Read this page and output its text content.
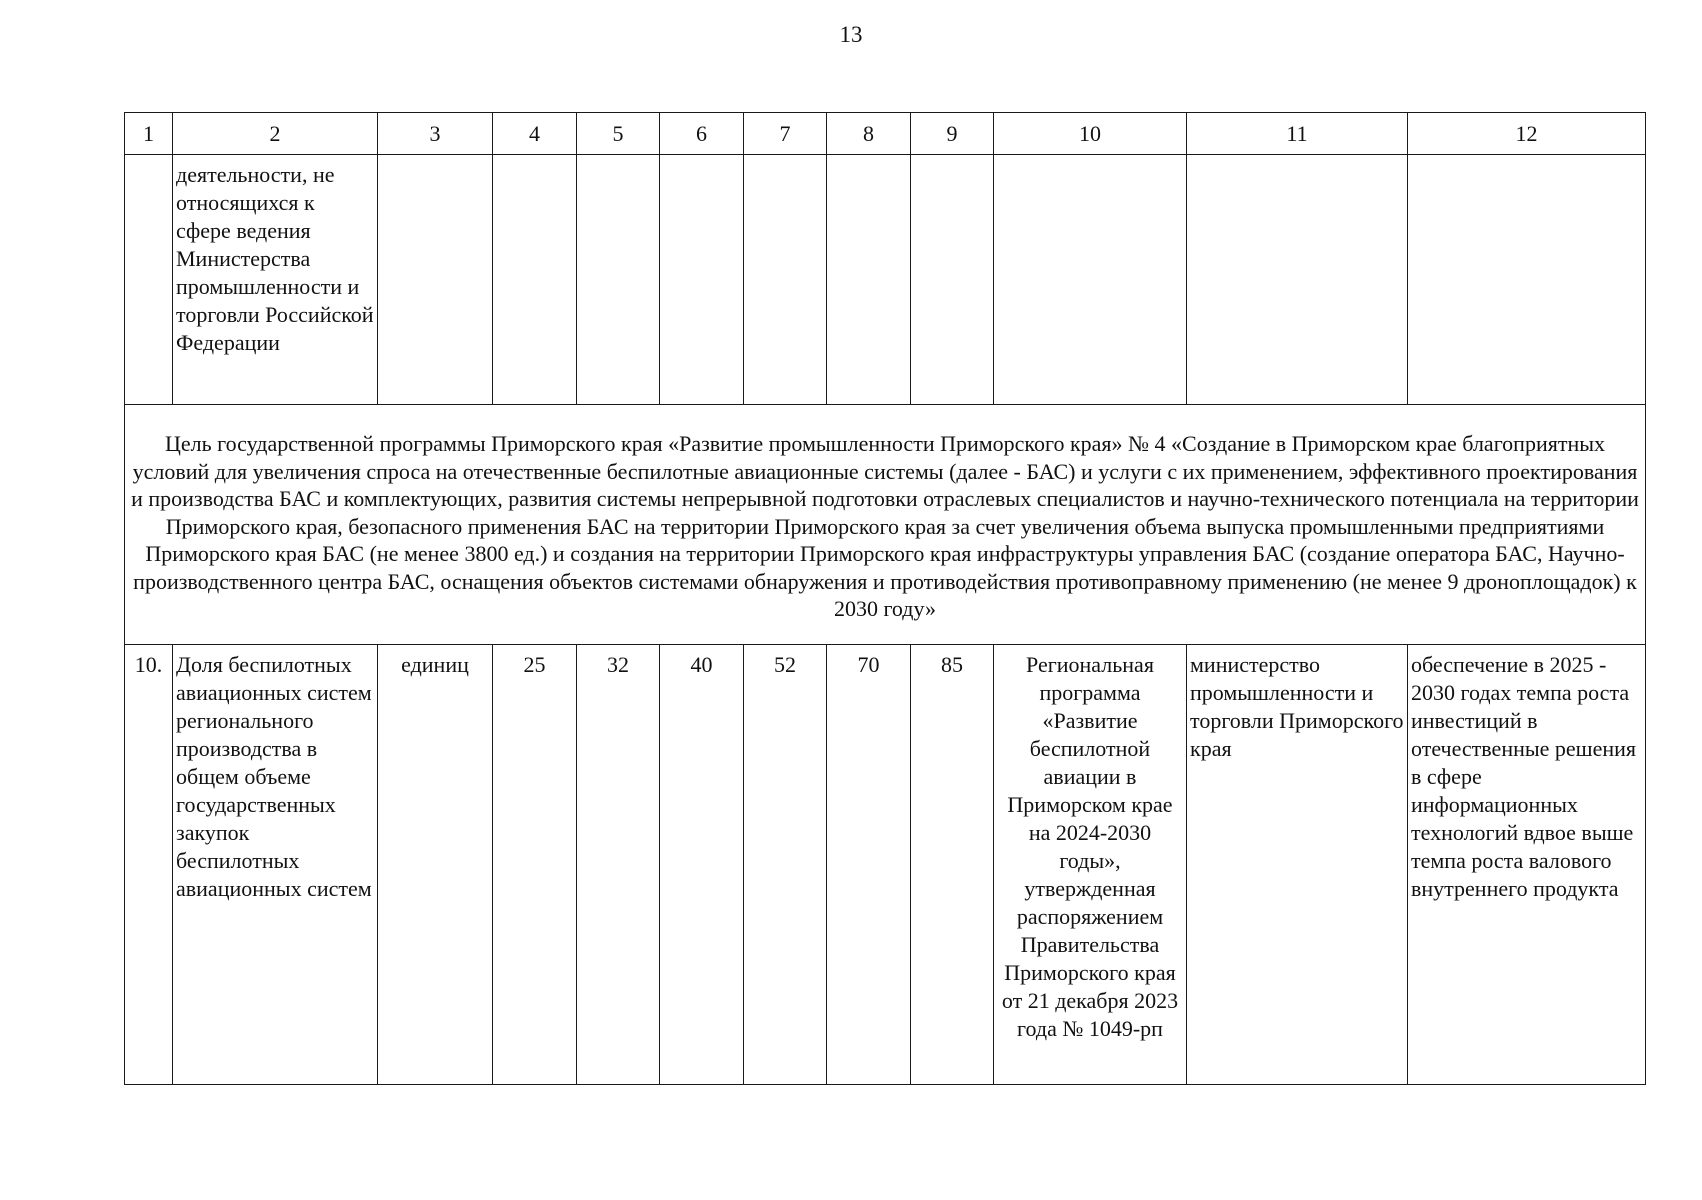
13
1	2	3	4	5	6	7	8	9	10	11	12
	деятельности, не относящихся к сфере ведения Министерства промышленности и торговли Российской Федерации										
Цель государственной программы Приморского края «Развитие промышленности Приморского края» № 4 «Создание в Приморском крае благоприятных условий для увеличения спроса на отечественные беспилотные авиационные системы (далее - БАС) и услуги с их применением, эффективного проектирования и производства БАС и комплектующих, развития системы непрерывной подготовки отраслевых специалистов и научно-технического потенциала на территории Приморского края, безопасного применения БАС на территории Приморского края за счет увеличения объема выпуска промышленными предприятиями Приморского края БАС (не менее 3800 ед.) и создания на территории Приморского края инфраструктуры управления БАС (создание оператора БАС, Научно-производственного центра БАС, оснащения объектов системами обнаружения и противодействия противоправному применению (не менее 9 дроноплощадок) к 2030 году»											
10.	Доля беспилотных авиационных систем регионального производства в общем объеме государственных закупок беспилотных авиационных систем	единиц	25	32	40	52	70	85	Региональная программа «Развитие беспилотной авиации в Приморском крае на 2024-2030 годы», утвержденная распоряжением Правительства Приморского края от 21 декабря 2023 года № 1049-рп	министерство промышленности и торговли Приморского края	обеспечение в 2025 - 2030 годах темпа роста инвестиций в отечественные решения в сфере информационных технологий вдвое выше темпа роста валового внутреннего продукта
